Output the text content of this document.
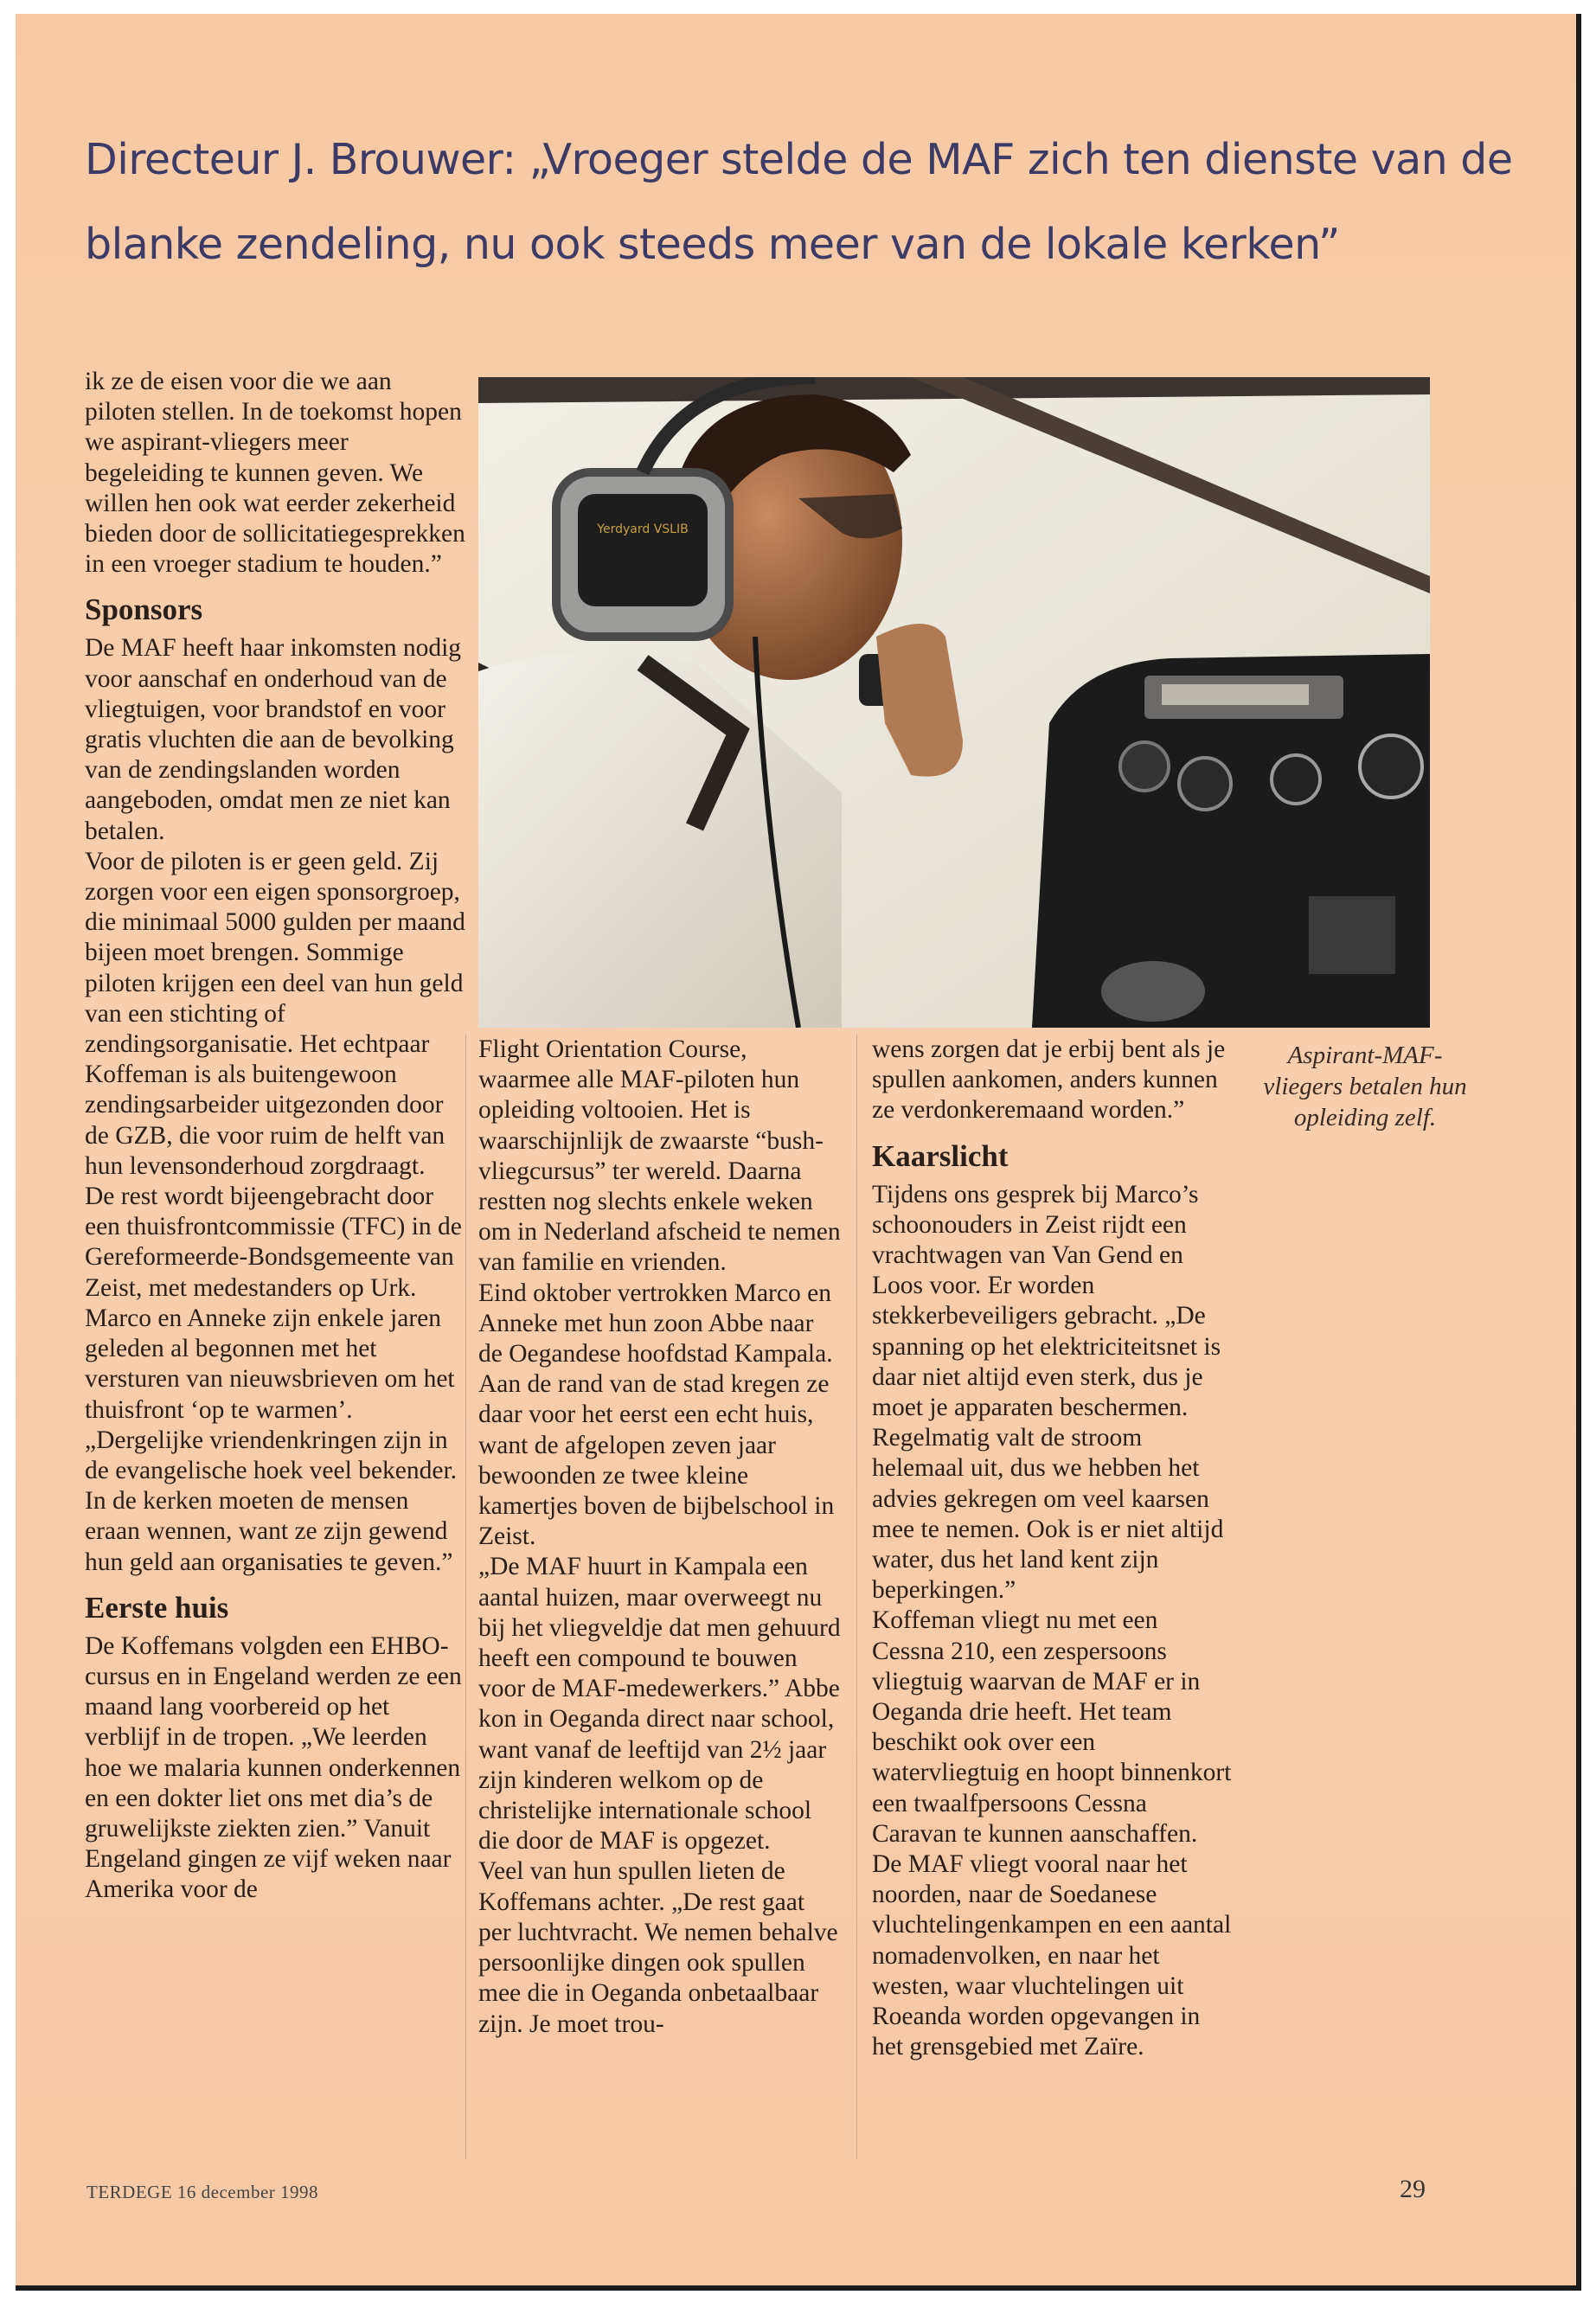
Directeur J. Brouwer: „Vroeger stelde de MAF zich ten dienste van de blanke zendeling, nu ook steeds meer van de lokale kerken”

ik ze de eisen voor die we aan piloten stellen. In de toekomst hopen we aspirant-vliegers meer begeleiding te kunnen geven. We willen hen ook wat eerder zekerheid bieden door de sollicitatiegesprekken in een vroeger stadium te houden.”

Sponsors

De MAF heeft haar inkomsten nodig voor aanschaf en onderhoud van de vliegtuigen, voor brandstof en voor gratis vluchten die aan de bevolking van de zendingslanden worden aangeboden, omdat men ze niet kan betalen.

Voor de piloten is er geen geld. Zij zorgen voor een eigen sponsorgroep, die minimaal 5000 gulden per maand bijeen moet brengen. Sommige piloten krijgen een deel van hun geld van een stichting of zendingsorganisatie. Het echtpaar Koffeman is als buitengewoon zendingsarbeider uitgezonden door de GZB, die voor ruim de helft van hun levensonderhoud zorgdraagt.

De rest wordt bijeengebracht door een thuisfrontcommissie (TFC) in de Gereformeerde-Bondsgemeente van Zeist, met medestanders op Urk. Marco en Anneke zijn enkele jaren geleden al begonnen met het versturen van nieuwsbrieven om het thuisfront ‘op te warmen’. „Dergelijke vriendenkringen zijn in de evangelische hoek veel bekender. In de kerken moeten de mensen eraan wennen, want ze zijn gewend hun geld aan organisaties te geven.”

Eerste huis

De Koffemans volgden een EHBO-cursus en in Engeland werden ze een maand lang voorbereid op het verblijf in de tropen. „We leerden hoe we malaria kunnen onderkennen en een dokter liet ons met dia’s de gruwelijkste ziekten zien.” Vanuit Engeland gingen ze vijf weken naar Amerika voor de

Yerdyard VSLIB

Flight Orientation Course, waarmee alle MAF-piloten hun opleiding voltooien. Het is waarschijnlijk de zwaarste “bush-vliegcursus” ter wereld. Daarna restten nog slechts enkele weken om in Nederland afscheid te nemen van familie en vrienden.

Eind oktober vertrokken Marco en Anneke met hun zoon Abbe naar de Oegandese hoofdstad Kampala. Aan de rand van de stad kregen ze daar voor het eerst een echt huis, want de afgelopen zeven jaar bewoonden ze twee kleine kamertjes boven de bijbelschool in Zeist.

„De MAF huurt in Kampala een aantal huizen, maar overweegt nu bij het vliegveldje dat men gehuurd heeft een compound te bouwen voor de MAF-medewerkers.” Abbe kon in Oeganda direct naar school, want vanaf de leeftijd van 2½ jaar zijn kinderen welkom op de christelijke internationale school die door de MAF is opgezet.

Veel van hun spullen lieten de Koffemans achter. „De rest gaat per luchtvracht. We nemen behalve persoonlijke dingen ook spullen mee die in Oeganda onbetaalbaar zijn. Je moet trou-

wens zorgen dat je erbij bent als je spullen aankomen, anders kunnen ze verdonkeremaand worden.”

Kaarslicht

Tijdens ons gesprek bij Marco’s schoonouders in Zeist rijdt een vrachtwagen van Van Gend en Loos voor. Er worden stekkerbeveiligers gebracht. „De spanning op het elektriciteitsnet is daar niet altijd even sterk, dus je moet je apparaten beschermen. Regelmatig valt de stroom helemaal uit, dus we hebben het advies gekregen om veel kaarsen mee te nemen. Ook is er niet altijd water, dus het land kent zijn beperkingen.”

Koffeman vliegt nu met een Cessna 210, een zespersoons vliegtuig waarvan de MAF er in Oeganda drie heeft. Het team beschikt ook over een watervliegtuig en hoopt binnenkort een twaalfpersoons Cessna Caravan te kunnen aanschaffen.

De MAF vliegt vooral naar het noorden, naar de Soedanese vluchtelingenkampen en een aantal nomadenvolken, en naar het westen, waar vluchtelingen uit Roeanda worden opgevangen in het grensgebied met Zaïre.

Aspirant-MAF-vliegers betalen hun opleiding zelf.
TERDEGE 16 december 1998	29
